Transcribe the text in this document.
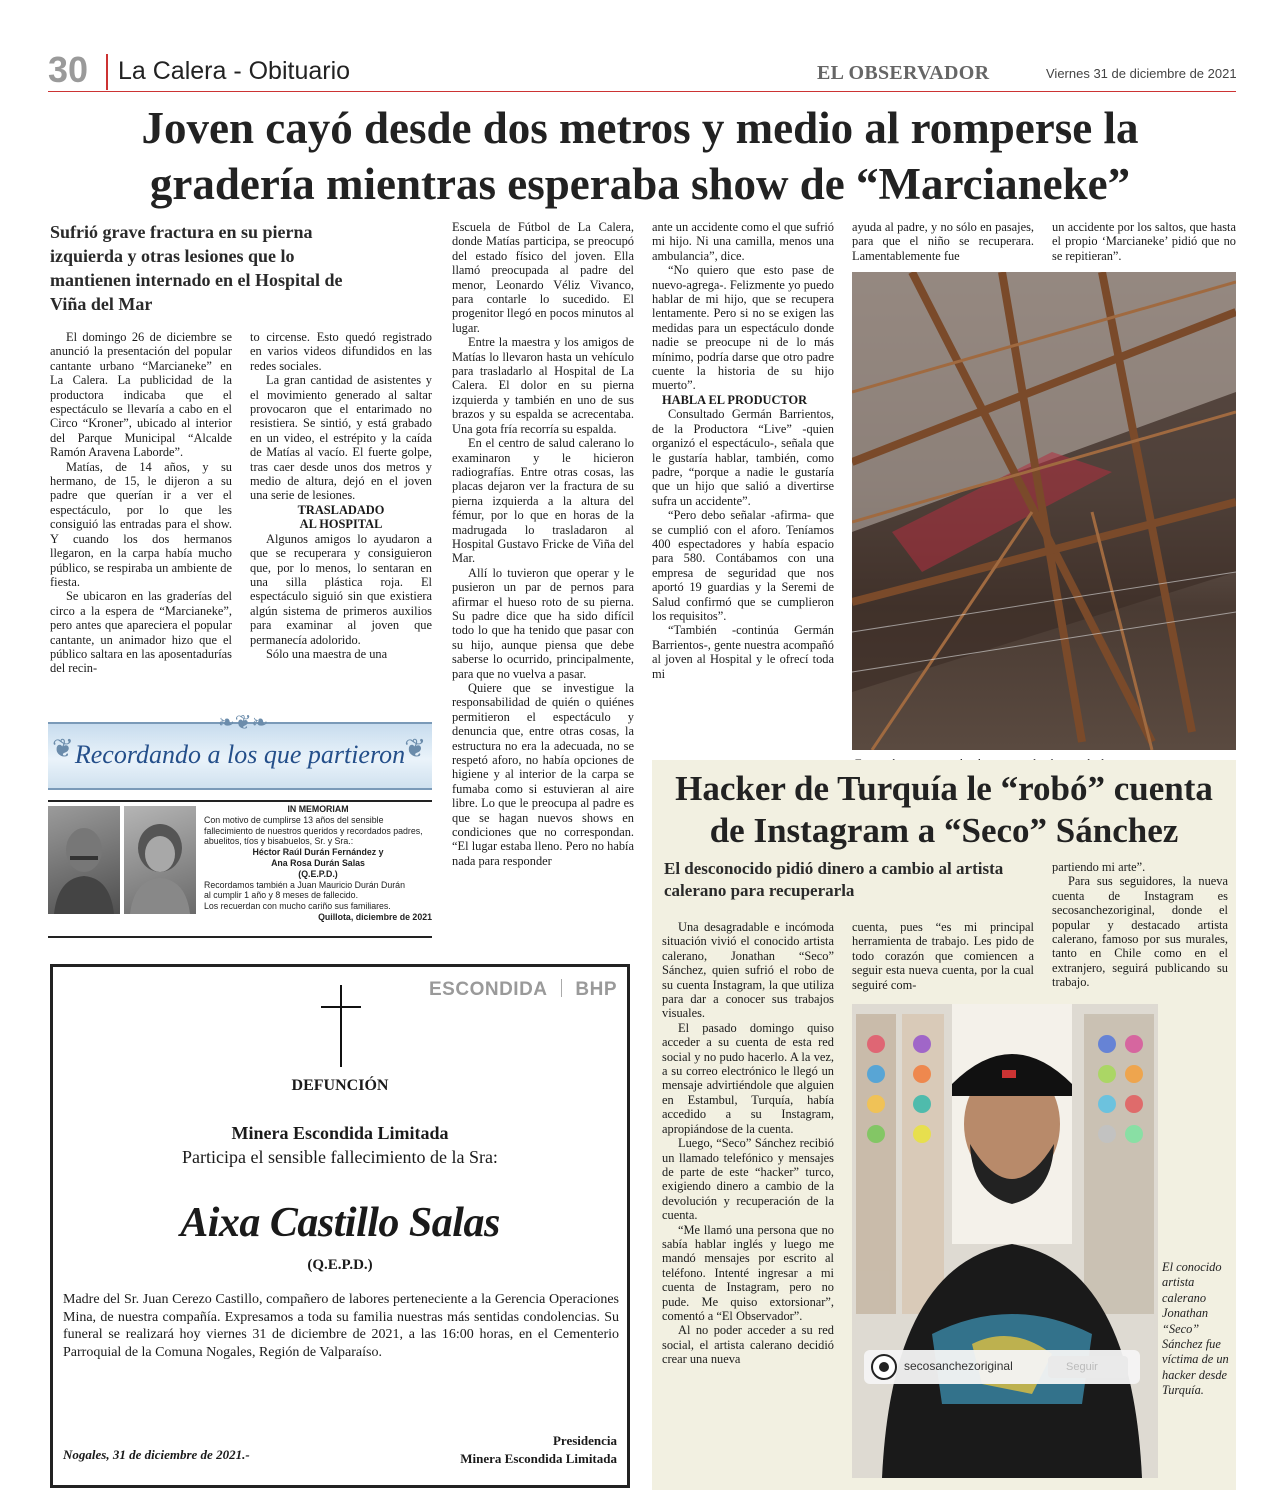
30 La Calera - Obituario	EL OBSERVADOR	Viernes 31 de diciembre de 2021
Joven cayó desde dos metros y medio al romperse la gradería mientras esperaba show de “Marcianeke”
Sufrió grave fractura en su pierna izquierda y otras lesiones que lo mantienen internado en el Hospital de Viña del Mar

El domingo 26 de diciembre se anunció la presentación del popular cantante urbano “Marcianeke” en La Calera. La publicidad de la productora indicaba que el espectáculo se llevaría a cabo en el Circo “Kroner”, ubicado al interior del Parque Municipal “Alcalde Ramón Aravena Laborde”.

Matías, de 14 años, y su hermano, de 15, le dijeron a su padre que querían ir a ver el espectáculo, por lo que les consiguió las entradas para el show. Y cuando los dos hermanos llegaron, en la carpa había mucho público, se respiraba un ambiente de fiesta.

Se ubicaron en las graderías del circo a la espera de “Marcianeke”, pero antes que apareciera el popular cantante, un animador hizo que el público saltara en las aposentadurías del recin-

to circense. Esto quedó registrado en varios videos difundidos en las redes sociales.

La gran cantidad de asistentes y el movimiento generado al saltar provocaron que el entarimado no resistiera. Se sintió, y está grabado en un video, el estrépito y la caída de Matías al vacío. El fuerte golpe, tras caer desde unos dos metros y medio de altura, dejó en el joven una serie de lesiones.

TRASLADADO AL HOSPITAL

Algunos amigos lo ayudaron a que se recuperara y consiguieron que, por lo menos, lo sentaran en una silla plástica roja. El espectáculo siguió sin que existiera algún sistema de primeros auxilios para examinar al joven que permanecía adolorido.

Sólo una maestra de una

Escuela de Fútbol de La Calera, donde Matías participa, se preocupó del estado físico del joven. Ella llamó preocupada al padre del menor, Leonardo Véliz Vivanco, para contarle lo sucedido. El progenitor llegó en pocos minutos al lugar.

Entre la maestra y los amigos de Matías lo llevaron hasta un vehículo para trasladarlo al Hospital de La Calera. El dolor en su pierna izquierda y también en uno de sus brazos y su espalda se acrecentaba. Una gota fría recorría su espalda.

En el centro de salud calerano lo examinaron y le hicieron radiografías. Entre otras cosas, las placas dejaron ver la fractura de su pierna izquierda a la altura del fémur, por lo que en horas de la madrugada lo trasladaron al Hospital Gustavo Fricke de Viña del Mar.

Allí lo tuvieron que operar y le pusieron un par de pernos para afirmar el hueso roto de su pierna. Su padre dice que ha sido difícil todo lo que ha tenido que pasar con su hijo, aunque piensa que debe saberse lo ocurrido, principalmente, para que no vuelva a pasar.

Quiere que se investigue la responsabilidad de quién o quiénes permitieron el espectáculo y denuncia que, entre otras cosas, la estructura no era la adecuada, no se respetó aforo, no había opciones de higiene y al interior de la carpa se fumaba como si estuvieran al aire libre. Lo que le preocupa al padre es que se hagan nuevos shows en condiciones que no correspondan. “El lugar estaba lleno. Pero no había nada para responder

ante un accidente como el que sufrió mi hijo. Ni una camilla, menos una ambulancia”, dice.

“No quiero que esto pase de nuevo-agrega-. Felizmente yo puedo hablar de mi hijo, que se recupera lentamente. Pero si no se exigen las medidas para un espectáculo donde nadie se preocupe ni de lo más mínimo, podría darse que otro padre cuente la historia de su hijo muerto”.

HABLA EL PRODUCTOR

Consultado Germán Barrientos, de la Productora “Live” -quien organizó el espectáculo-, señala que le gustaría hablar, también, como padre, “porque a nadie le gustaría que un hijo que salió a divertirse sufra un accidente”.

“Pero debo señalar -afirma- que se cumplió con el aforo. Teníamos 400 espectadores y había espacio para 580. Contábamos con una empresa de seguridad que nos aportó 19 guardias y la Seremi de Salud confirmó que se cumplieron los requisitos”.

“También -continúa Germán Barrientos-, gente nuestra acompañó al joven al Hospital y le ofrecí toda mi

ayuda al padre, y no sólo en pasajes, para que el niño se recuperara. Lamentablemente fue

un accidente por los saltos, que hasta el propio ‘Marcianeke’ pidió que no se repitieran”.

❦	❦
❧❦❧
Recordando a los que partieron
IN MEMORIAM
Con motivo de cumplirse 13 años del sensible fallecimiento de nuestros queridos y recordados padres, abuelitos, tíos y bisabuelos, Sr. y Sra.:
Héctor Raúl Durán Fernández y
Ana Rosa Durán Salas
(Q.E.P.D.)
Recordamos también a Juan Mauricio Durán Durán
al cumplir 1 año y 8 meses de fallecido.
Los recuerdan con mucho cariño sus familiares.
Quillota, diciembre de 2021
ESCONDIDA BHP
DEFUNCIÓN
Minera Escondida Limitada
Participa el sensible fallecimiento de la Sra:
Aixa Castillo Salas
(Q.E.P.D.)
Madre del Sr. Juan Cerezo Castillo, compañero de labores perteneciente a la Gerencia Operaciones Mina, de nuestra compañía. Expresamos a toda su familia nuestras más sentidas condolencias. Su funeral se realizará hoy viernes 31 de diciembre de 2021, a las 16:00 horas, en el Cementerio Parroquial de la Comuna Nogales, Región de Valparaíso.
Nogales, 31 de diciembre de 2021.-
Presidencia
Minera Escondida Limitada
Hacker de Turquía le “robó” cuenta de Instagram a “Seco” Sánchez
El desconocido pidió dinero a cambio al artista calerano para recuperarla

Una desagradable e incómoda situación vivió el conocido artista calerano, Jonathan “Seco” Sánchez, quien sufrió el robo de su cuenta Instagram, la que utiliza para dar a conocer sus trabajos visuales.

El pasado domingo quiso acceder a su cuenta de esta red social y no pudo hacerlo. A la vez, a su correo electrónico le llegó un mensaje advirtiéndole que alguien en Estambul, Turquía, había accedido a su Instagram, apropiándose de la cuenta.

Luego, “Seco” Sánchez recibió un llamado telefónico y mensajes de parte de este “hacker” turco, exigiendo dinero a cambio de la devolución y recuperación de la cuenta.

“Me llamó una persona que no sabía hablar inglés y luego me mandó mensajes por escrito al teléfono. Intenté ingresar a mi cuenta de Instagram, pero no pude. Me quiso extorsionar”, comentó a “El Observador”.

Al no poder acceder a su red social, el artista calerano decidió crear una nueva

cuenta, pues “es mi principal herramienta de trabajo. Les pido de todo corazón que comiencen a seguir esta nueva cuenta, por la cual seguiré com-

partiendo mi arte”.

Para sus seguidores, la nueva cuenta de Instagram es secosanchezoriginal, donde el popular y destacado artista calerano, famoso por sus murales, tanto en Chile como en el extranjero, seguirá publicando su trabajo.

secosanchezoriginal	Seguir
El conocido artista calerano Jonathan “Seco” Sánchez fue víctima de un hacker desde Turquía.
